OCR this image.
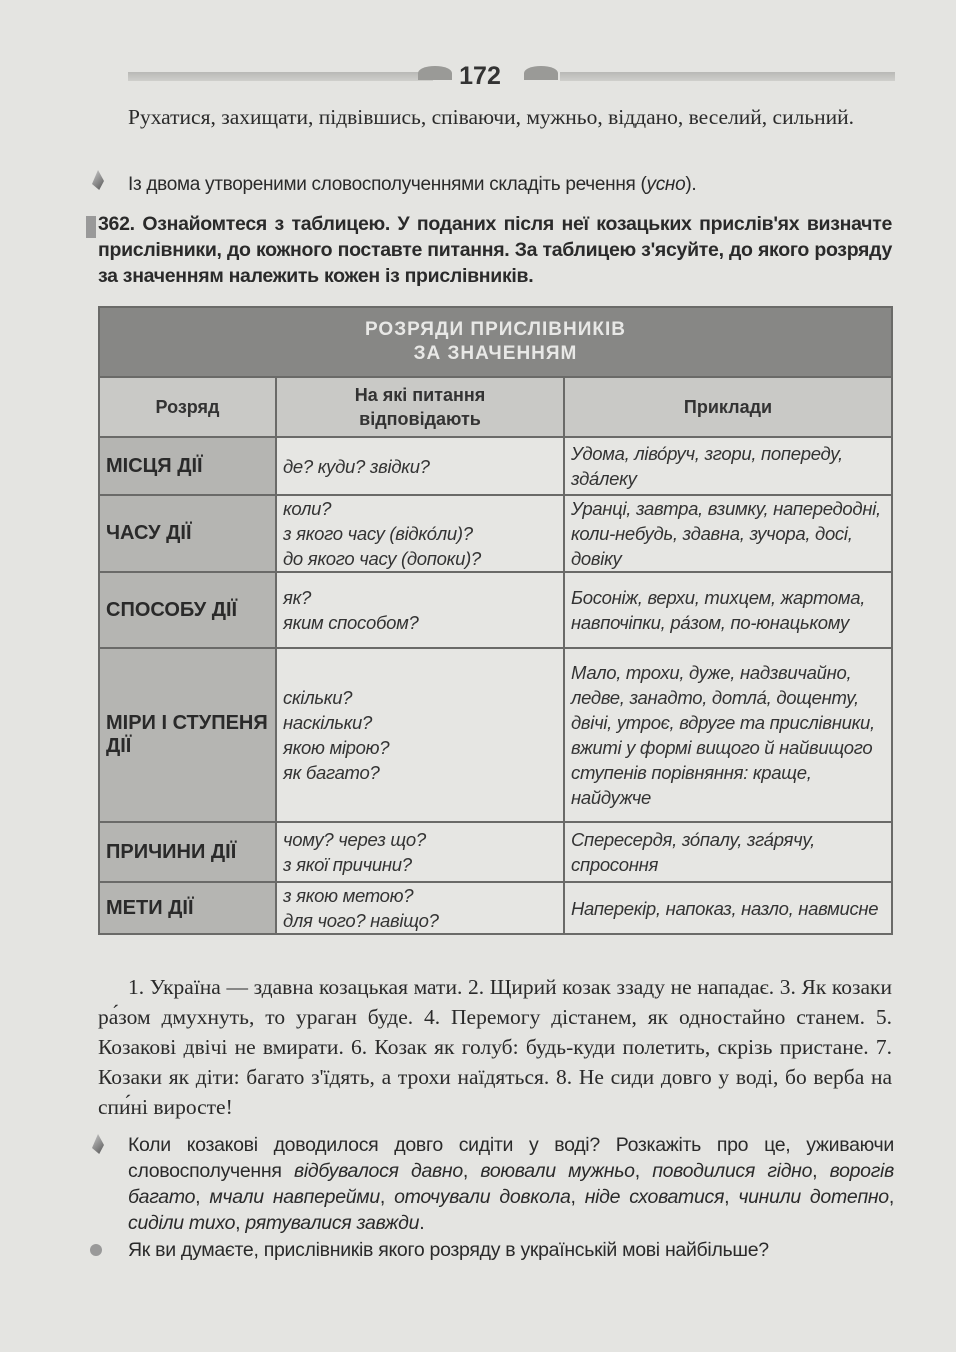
172
Рухатися, захищати, підвівшись, співаючи, мужньо, віддано, веселий, сильний.
Із двома утвореними словосполученнями складіть речення (усно).
362. Ознайомтеся з таблицею. У поданих після неї козацьких прислів'ях визначте прислівники, до кожного поставте питання. За таблицею з'ясуйте, до якого розряду за значенням належить кожен із прислівників.
РОЗРЯДИ ПРИСЛІВНИКІВ
ЗА ЗНАЧЕННЯМ		

Розряд	На які питання відповідають	Приклади
МІСЦЯ ДІЇ	де? куди? звідки?	Удома, ліво́руч, згори, попереду, зда́леку
ЧАСУ ДІЇ	коли?
з якого часу (відко́ли)?
до якого часу (допоки)?	Уранці, завтра, взимку, напередодні, коли-небудь, здавна, зучора, досі, довіку
СПОСОБУ ДІЇ	як?
яким способом?	Босоніж, верхи, тихцем, жартома, навпочіпки, ра́зом, по-юнацькому
МІРИ І СТУПЕНЯ ДІЇ	скільки?
наскільки?
якою мірою?
як багато?	Мало, трохи, дуже, надзвичайно, ледве, занадто, дотла́, дощенту, двічі, утроє, вдруге та прислівники, вжиті у формі вищого й найвищого ступенів порівняння: краще, найдужче
ПРИЧИНИ ДІЇ	чому? через що?
з якої причини?	Спересердя, зо́палу, зга́рячу, спросоння
МЕТИ ДІЇ	з якою метою?
для чого? навіщо?	Наперекір, напоказ, назло, навмисне
1. Україна — здавна козацькая мати. 2. Щирий козак ззаду не нападає. 3. Як козаки ра́зом дмухнуть, то ураган буде. 4. Перемогу дістанем, як одностайно станем. 5. Козакові двічі не вмирати. 6. Козак як голуб: будь-куди полетить, скрізь пристане. 7. Козаки як діти: багато з'їдять, а трохи наїдяться. 8. Не сиди довго у воді, бо верба на спи́ні виросте!
Коли козакові доводилося довго сидіти у воді? Розкажіть про це, уживаючи словосполучення відбувалося давно, воювали мужньо, поводилися гідно, ворогів багато, мчали навперейми, оточували довкола, ніде сховатися, чинили дотепно, сиділи тихо, рятувалися завжди.
Як ви думаєте, прислівників якого розряду в українській мові найбільше?
